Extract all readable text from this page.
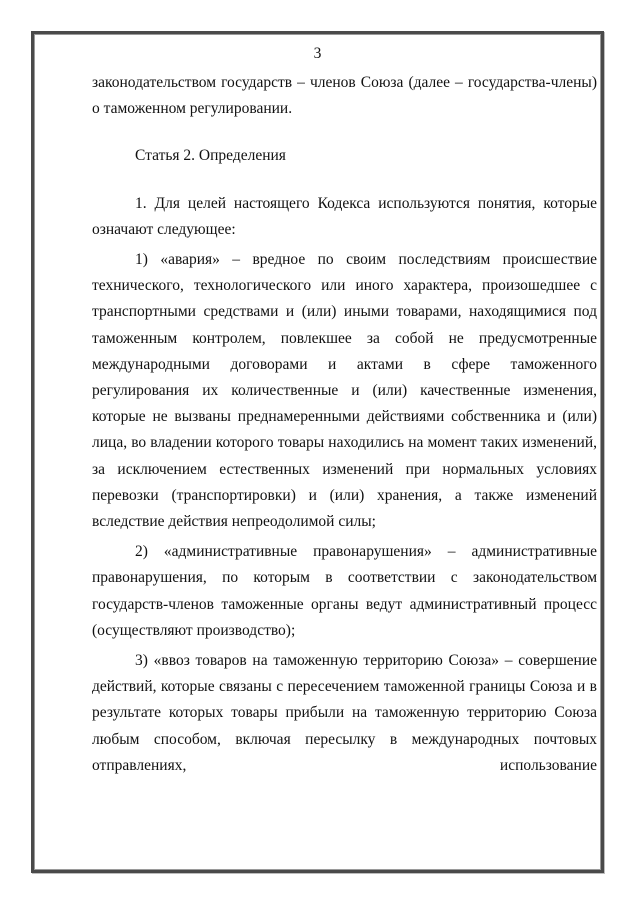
3

законодательством государств – членов Союза (далее – государства-члены) о таможенном регулировании.

Статья 2. Определения

1. Для целей настоящего Кодекса используются понятия, которые означают следующее:

1) «авария» – вредное по своим последствиям происшествие технического, технологического или иного характера, произошедшее с транспортными средствами и (или) иными товарами, находящимися под таможенным контролем, повлекшее за собой не предусмотренные международными договорами и актами в сфере таможенного регулирования их количественные и (или) качественные изменения, которые не вызваны преднамеренными действиями собственника и (или) лица, во владении которого товары находились на момент таких изменений, за исключением естественных изменений при нормальных условиях перевозки (транспортировки) и (или) хранения, а также изменений вследствие действия непреодолимой силы;

2) «административные правонарушения» – административные правонарушения, по которым в соответствии с законодательством государств-членов таможенные органы ведут административный процесс (осуществляют производство);

3) «ввоз товаров на таможенную территорию Союза» – совершение действий, которые связаны с пересечением таможенной границы Союза и в результате которых товары прибыли на таможенную территорию Союза любым способом, включая пересылку в международных почтовых отправлениях, использование
